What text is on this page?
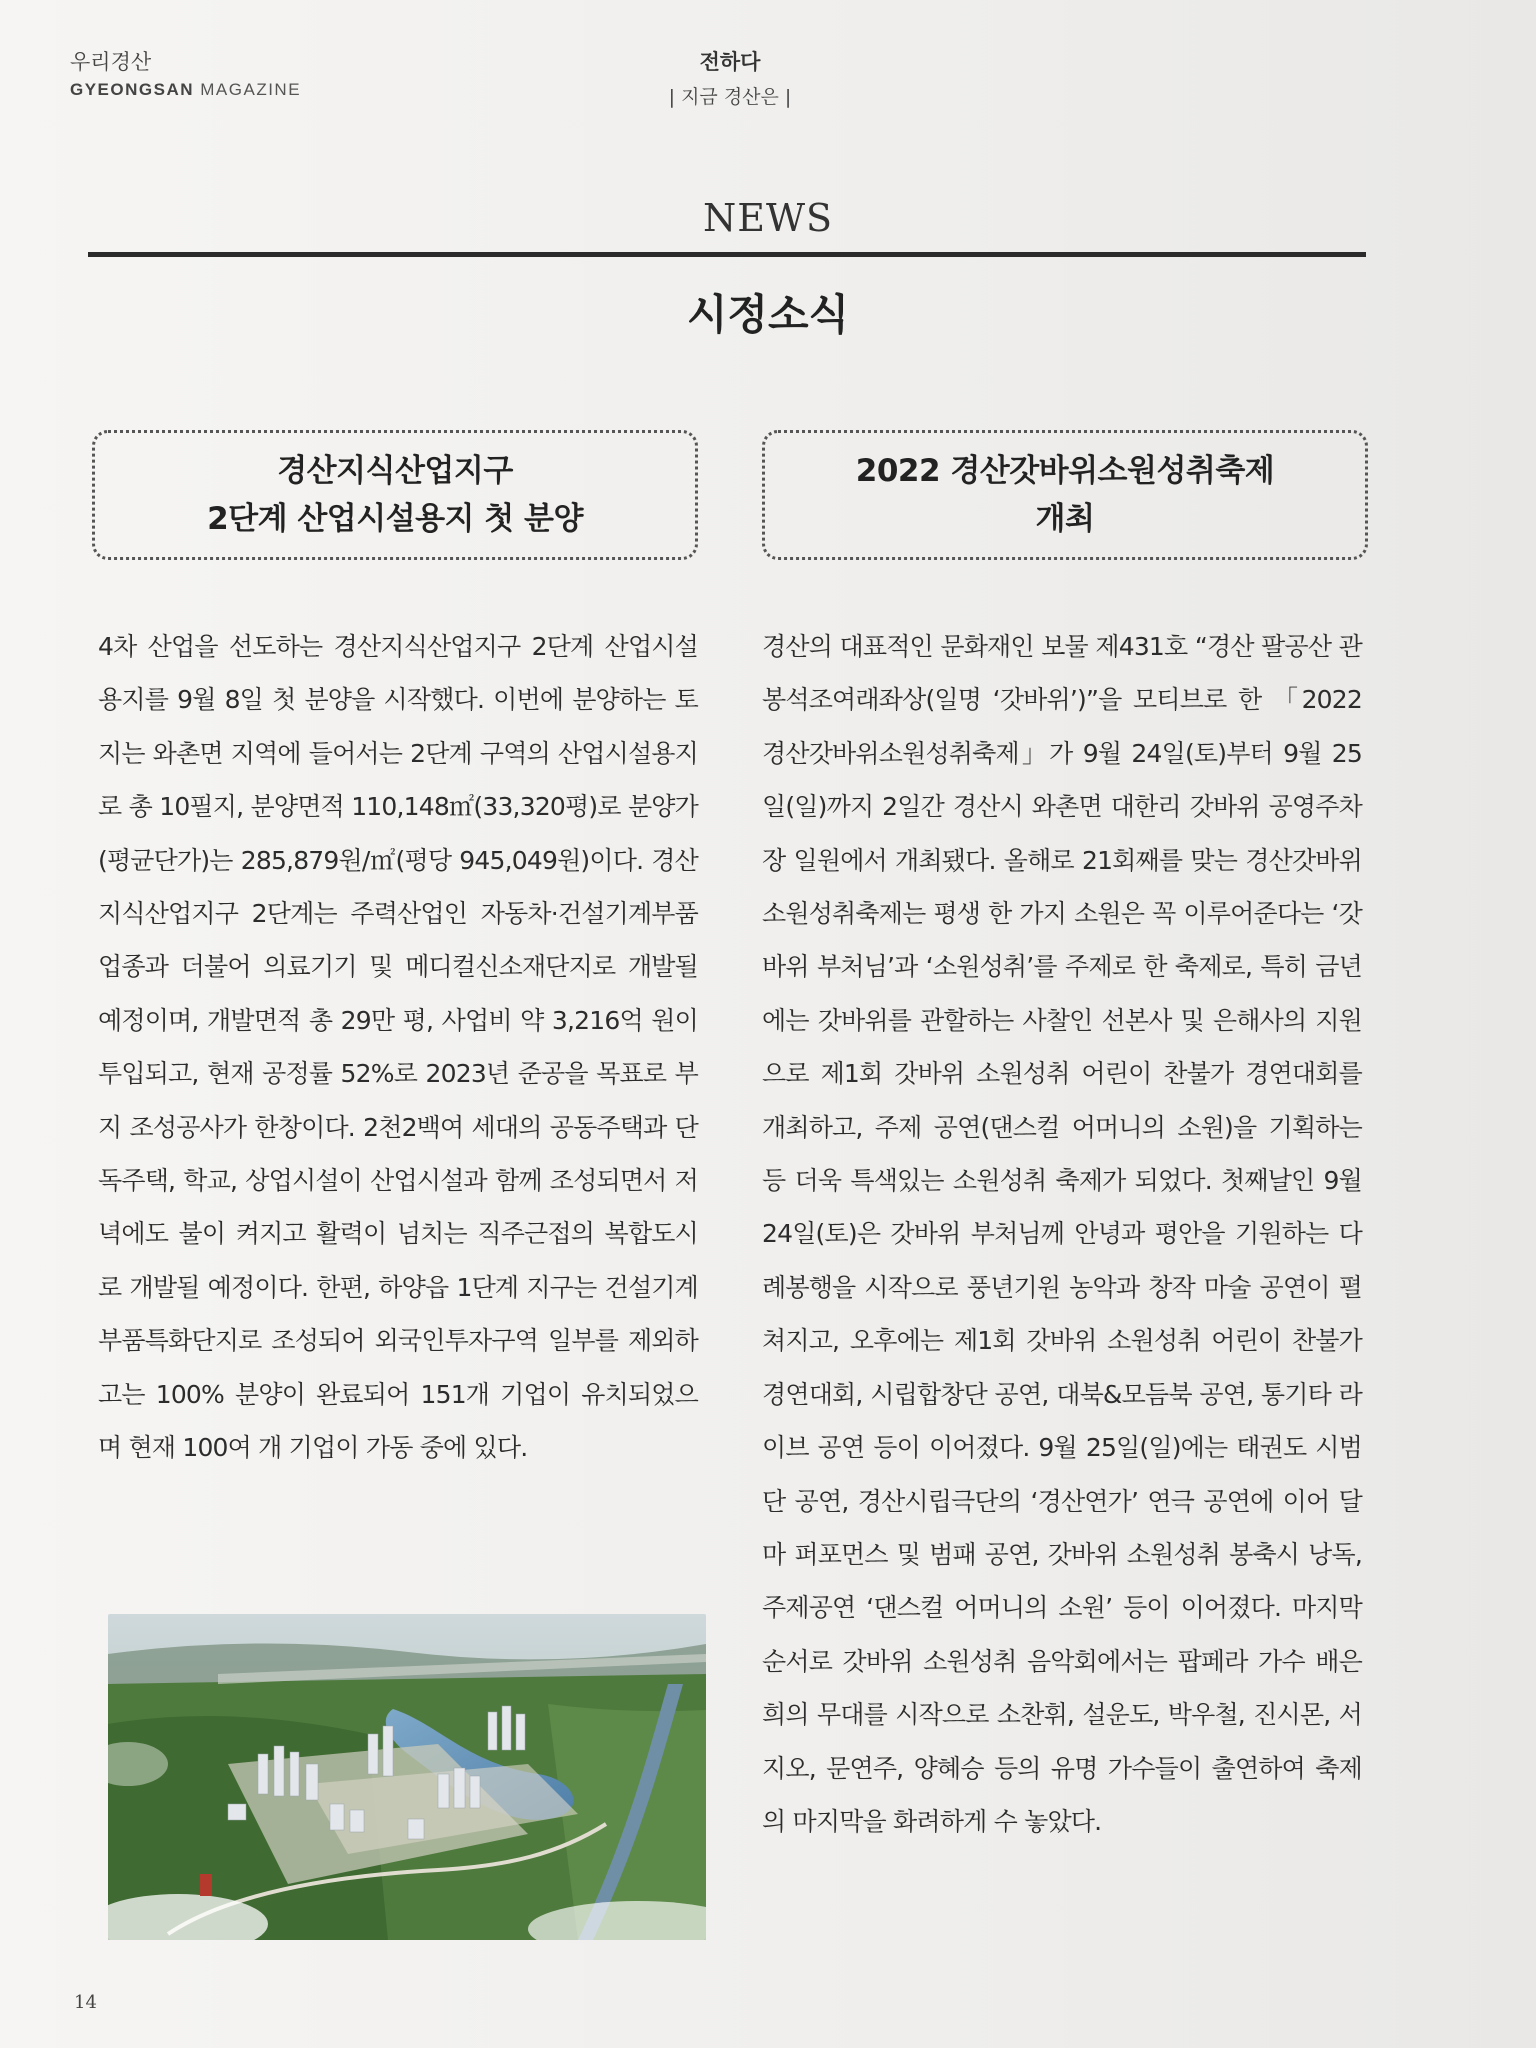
우리경산
GYEONGSAN MAGAZINE
전하다
| 지금 경산은 |
NEWS
시정소식
경산지식산업지구
2단계 산업시설용지 첫 분양
2022 경산갓바위소원성취축제
개최
4차 산업을 선도하는 경산지식산업지구 2단계 산업시설용지를 9월 8일 첫 분양을 시작했다. 이번에 분양하는 토지는 와촌면 지역에 들어서는 2단계 구역의 산업시설용지로 총 10필지, 분양면적 110,148㎡(33,320평)로 분양가(평균단가)는 285,879원/㎡(평당 945,049원)이다. 경산지식산업지구 2단계는 주력산업인 자동차·건설기계부품업종과 더불어 의료기기 및 메디컬신소재단지로 개발될 예정이며, 개발면적 총 29만 평, 사업비 약 3,216억 원이 투입되고, 현재 공정률 52%로 2023년 준공을 목표로 부지 조성공사가 한창이다. 2천2백여 세대의 공동주택과 단독주택, 학교, 상업시설이 산업시설과 함께 조성되면서 저녁에도 불이 켜지고 활력이 넘치는 직주근접의 복합도시로 개발될 예정이다. 한편, 하양읍 1단계 지구는 건설기계부품특화단지로 조성되어 외국인투자구역 일부를 제외하고는 100% 분양이 완료되어 151개 기업이 유치되었으며 현재 100여 개 기업이 가동 중에 있다.
경산의 대표적인 문화재인 보물 제431호 “경산 팔공산 관봉석조여래좌상(일명 ‘갓바위’)”을 모티브로 한 「2022 경산갓바위소원성취축제」가 9월 24일(토)부터 9월 25일(일)까지 2일간 경산시 와촌면 대한리 갓바위 공영주차장 일원에서 개최됐다. 올해로 21회째를 맞는 경산갓바위소원성취축제는 평생 한 가지 소원은 꼭 이루어준다는 ‘갓바위 부처님’과 ‘소원성취’를 주제로 한 축제로, 특히 금년에는 갓바위를 관할하는 사찰인 선본사 및 은해사의 지원으로 제1회 갓바위 소원성취 어린이 찬불가 경연대회를 개최하고, 주제 공연(댄스컬 어머니의 소원)을 기획하는 등 더욱 특색있는 소원성취 축제가 되었다. 첫째날인 9월 24일(토)은 갓바위 부처님께 안녕과 평안을 기원하는 다례봉행을 시작으로 풍년기원 농악과 창작 마술 공연이 펼쳐지고, 오후에는 제1회 갓바위 소원성취 어린이 찬불가 경연대회, 시립합창단 공연, 대북&모듬북 공연, 통기타 라이브 공연 등이 이어졌다. 9월 25일(일)에는 태권도 시범단 공연, 경산시립극단의 ‘경산연가’ 연극 공연에 이어 달마 퍼포먼스 및 범패 공연, 갓바위 소원성취 봉축시 낭독, 주제공연 ‘댄스컬 어머니의 소원’ 등이 이어졌다. 마지막 순서로 갓바위 소원성취 음악회에서는 팝페라 가수 배은희의 무대를 시작으로 소찬휘, 설운도, 박우철, 진시몬, 서지오, 문연주, 양혜승 등의 유명 가수들이 출연하여 축제의 마지막을 화려하게 수 놓았다.
14
